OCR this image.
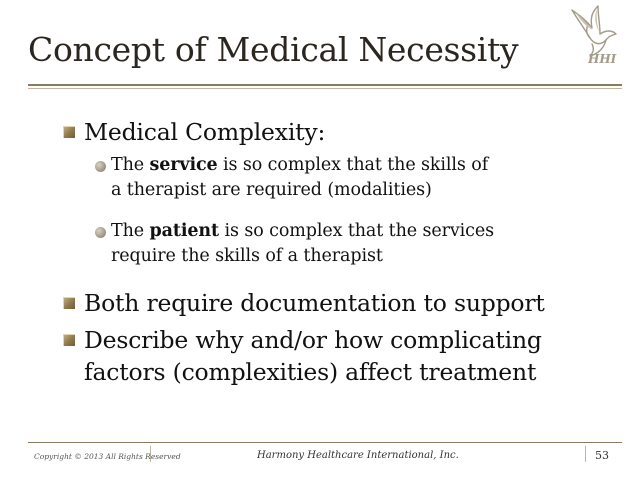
Concept of Medical Necessity	HHI
Medical Complexity:
The service is so complex that the skills of
a therapist are required (modalities)
The patient is so complex that the services
require the skills of a therapist
Both require documentation to support
Describe why and/or how complicating
factors (complexities) affect treatment
Copyright © 2013 All Rights Reserved	Harmony Healthcare International, Inc.	53
